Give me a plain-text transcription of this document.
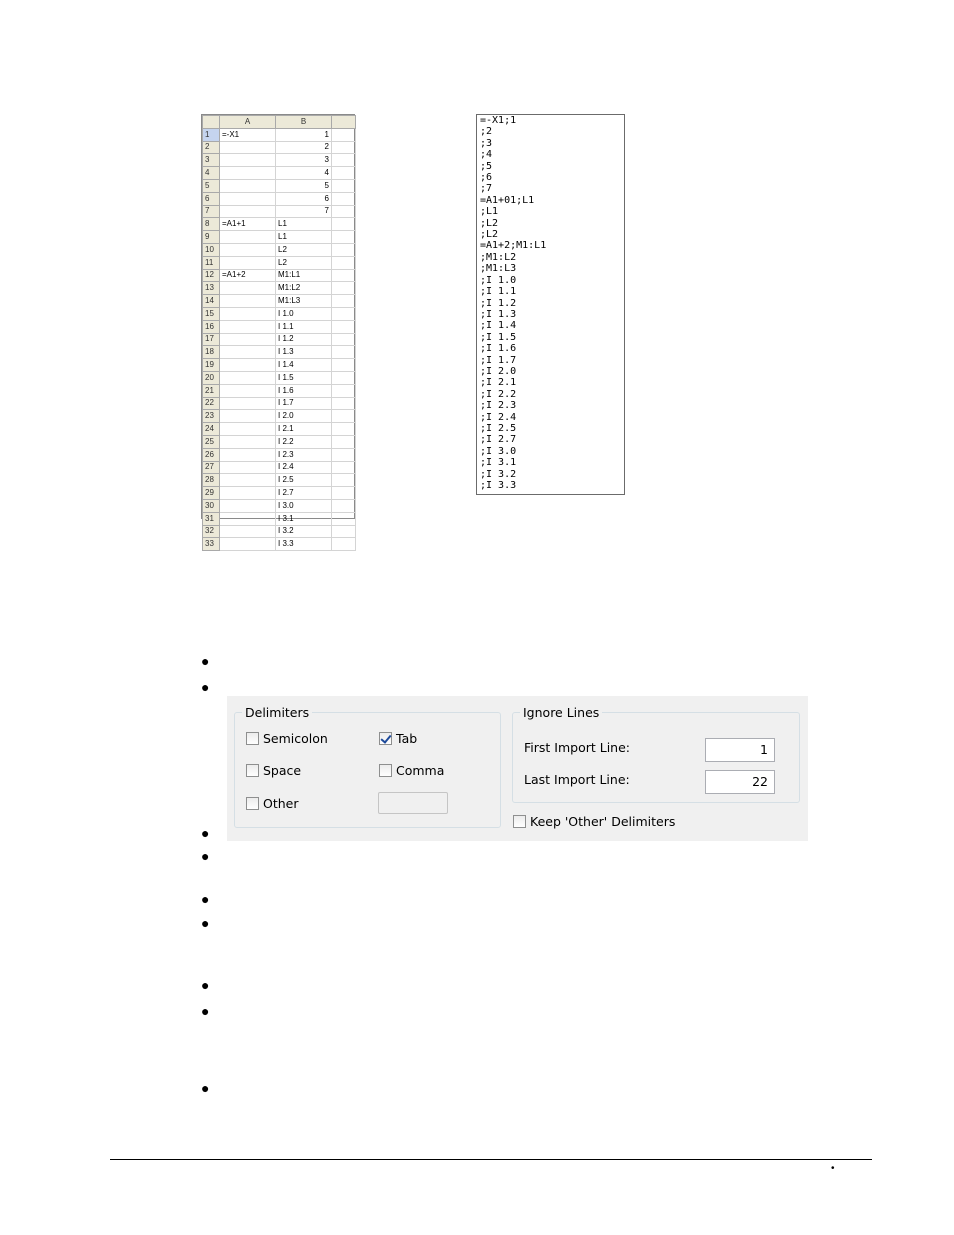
	A	B	
1	=-X1	1	
2		2	
3		3	
4		4	
5		5	
6		6	
7		7	
8	=A1+1	L1	
9		L1	
10		L2	
11		L2	
12	=A1+2	M1:L1	
13		M1:L2	
14		M1:L3	
15		I 1.0	
16		I 1.1	
17		I 1.2	
18		I 1.3	
19		I 1.4	
20		I 1.5	
21		I 1.6	
22		I 1.7	
23		I 2.0	
24		I 2.1	
25		I 2.2	
26		I 2.3	
27		I 2.4	
28		I 2.5	
29		I 2.7	
30		I 3.0	
31		I 3.1	
32		I 3.2	
33		I 3.3	
=-X1;1
;2
;3
;4
;5
;6
;7
=A1+01;L1
;L1
;L2
;L2
=A1+2;M1:L1
;M1:L2
;M1:L3
;I 1.0
;I 1.1
;I 1.2
;I 1.3
;I 1.4
;I 1.5
;I 1.6
;I 1.7
;I 2.0
;I 2.1
;I 2.2
;I 2.3
;I 2.4
;I 2.5
;I 2.7
;I 3.0
;I 3.1
;I 3.2
;I 3.3
●
●
●
●
●
●
●
●
●
Delimiters
Semicolon	Tab
Space	Comma
Other
Ignore Lines
First Import Line:	1
Last Import Line:	22
Keep 'Other' Delimiters
•
